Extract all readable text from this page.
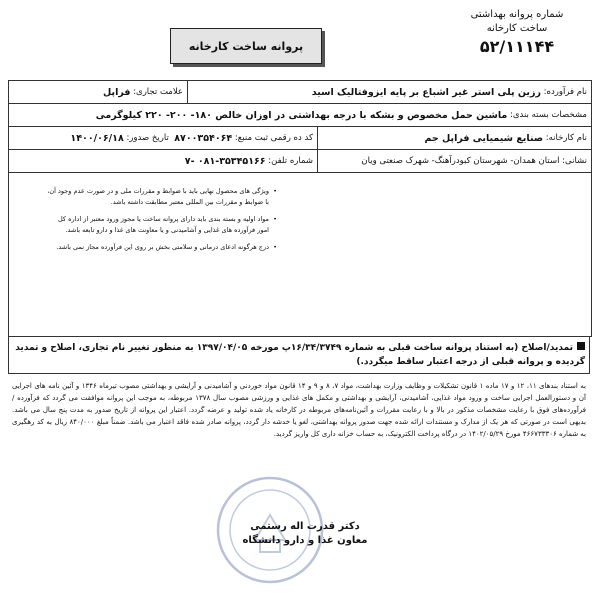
شماره پروانه بهداشتی
ساخت کارخانه
۵۲/۱۱۱۴۴
پروانه ساخت کارخانه
نام فرآورده:

رزین پلی استر غیر اشباع بر پایه ایزوفتالیک اسید
علامت تجاری:

فراپل
مشخصات بسته بندی:

ماشین حمل مخصوص و بشکه با درجه بهداشتی در اوزان خالص ۱۸۰- ۲۰۰- ۲۲۰ کیلوگرمی
نام کارخانه:

صنایع شیمیایی فراپل جم
کد ده رقمی ثبت منبع:

۸۷۰۰۳۵۴۰۶۴

تاریخ صدور:

۱۴۰۰/۰۶/۱۸
نشانی:

استان همدان- شهرستان کبودرآهنگ- شهرک صنعتی ویان
شماره تلفن:

۰۸۱-۳۵۳۴۵۱۶۶ -۷

• ویژگی های محصول نهایی باید با ضوابط و مقررات ملی و در صورت عدم وجود آن، با ضوابط و مقررات بین المللی معتبر مطابقت داشته باشد.

• مواد اولیه و بسته بندی باید دارای پروانه ساخت یا مجوز ورود معتبر از اداره کل امور فرآورده های غذایی و آشامیدنی و یا معاونت های غذا و دارو تابعه باشد.

• درج هرگونه ادعای درمانی و سلامتی بخش بر روی این فرآورده مجاز نمی باشد.

تمدید/اصلاح (به استناد پروانه ساخت قبلی به شماره ۱۶/۳۴/۳۷۴۹پ مورخه ۱۳۹۷/۰۴/۰۵ به منظور تغییر نام تجاری، اصلاح و تمدید گردیده و پروانه قبلی از درجه اعتبار ساقط میگردد.)
به استناد بندهای ۱۱، ۱۲ و ۱۷ ماده ۱ قانون تشکیلات و وظایف وزارت بهداشت، مواد ۷، ۸ و ۹ و ۱۴ قانون مواد خوردنی و آشامیدنی و آرایشی و بهداشتی مصوب تیرماه ۱۳۴۶ و آئین نامه های اجرایی آن و دستورالعمل اجرایی ساخت و ورود مواد غذایی، آشامیدنی، آرایشی و بهداشتی و مکمل های غذایی و ورزشی مصوب سال ۱۳۷۸ مربوطه، به موجب این پروانه موافقت می گردد که فرآورده / فرآورده‌های فوق با رعایت مشخصات مذکور در بالا و با رعایت مقررات و آئین‌نامه‌های مربوطه در کارخانه یاد شده تولید و عرضه گردد. اعتبار این پروانه از تاریخ صدور به مدت پنج سال می باشد. بدیهی است در صورتی که هر یک از مدارک و مستندات ارائه شده جهت صدور پروانه بهداشتی، لغو یا خدشه دار گردد، پروانه صادر شده فاقد اعتبار می باشد. ضمناً مبلغ ۸۴۰/۰۰۰ ریال به کد رهگیری به شماره ۴۶۶۷۳۳۳۰۶ مورخ ۱۴۰۲/۰۵/۲۹ در درگاه پرداخت الکترونیک، به حساب خزانه داری کل واریز گردید.
دکتر قدرت اله رستمی
معاون غذا و دارو دانشگاه
